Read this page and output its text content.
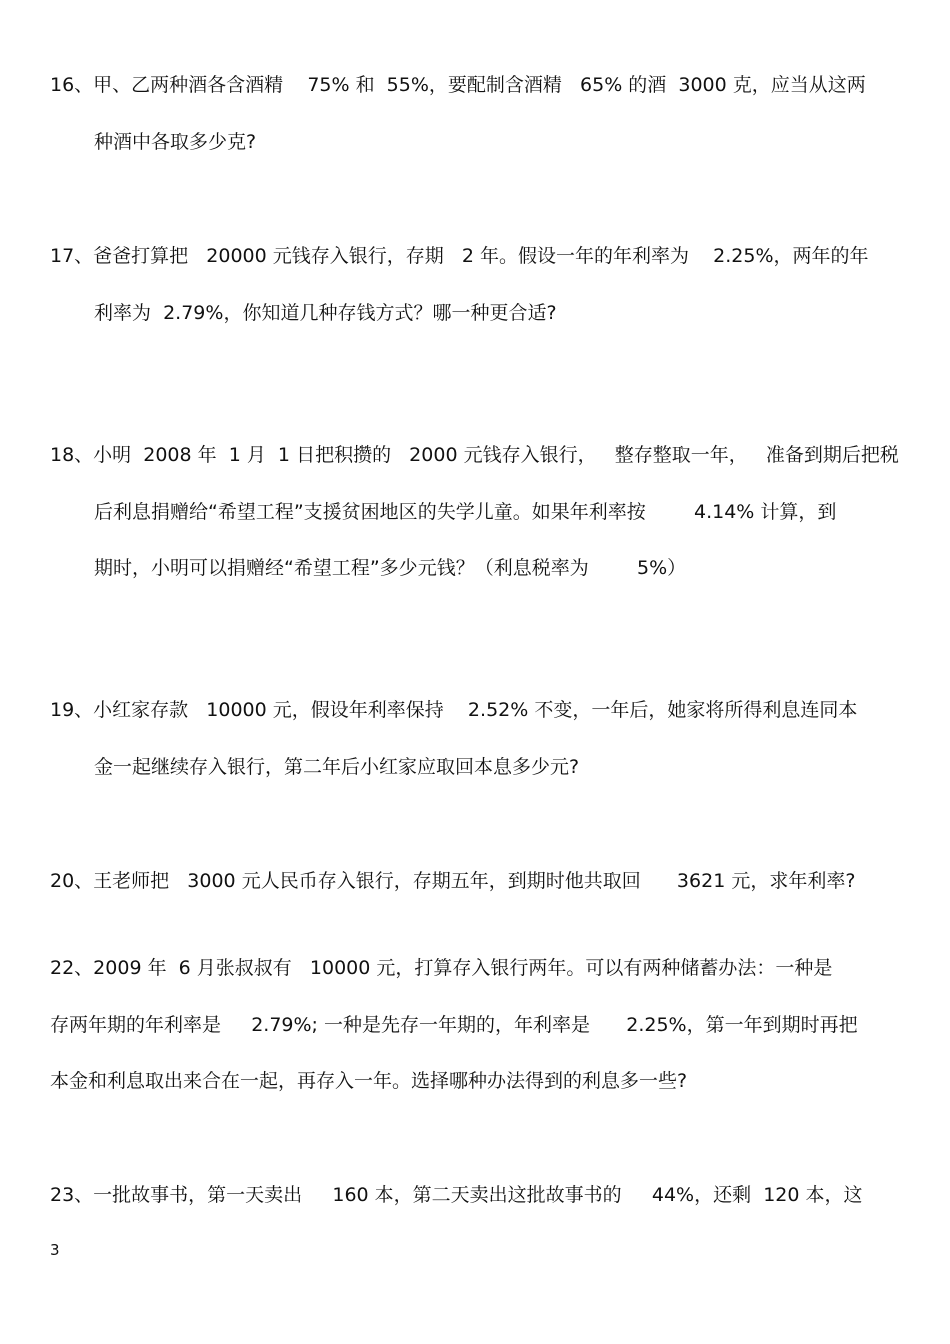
16、甲、乙两种酒各含酒精    75% 和  55%，要配制含酒精   65% 的酒  3000 克，应当从这两
种酒中各取多少克?
17、爸爸打算把   20000 元钱存入银行，存期   2 年。假设一年的年利率为    2.25%，两年的年
利率为  2.79%，你知道几种存钱方式？哪一种更合适?
18、小明  2008 年  1 月  1 日把积攒的   2000 元钱存入银行，   整存整取一年，   准备到期后把税
后利息捐赠给“希望工程”支援贫困地区的失学儿童。如果年利率按        4.14% 计算，到
期时，小明可以捐赠经“希望工程”多少元钱？（利息税率为        5%）
19、小红家存款   10000 元，假设年利率保持    2.52% 不变，一年后，她家将所得利息连同本
金一起继续存入银行，第二年后小红家应取回本息多少元?
20、王老师把   3000 元人民币存入银行，存期五年，到期时他共取回      3621 元，求年利率?
22、2009 年  6 月张叔叔有   10000 元，打算存入银行两年。可以有两种储蓄办法：一种是
存两年期的年利率是     2.79%; 一种是先存一年期的，年利率是      2.25%，第一年到期时再把
本金和利息取出来合在一起，再存入一年。选择哪种办法得到的利息多一些?
23、一批故事书，第一天卖出     160 本，第二天卖出这批故事书的     44%，还剩  120 本，这
3
